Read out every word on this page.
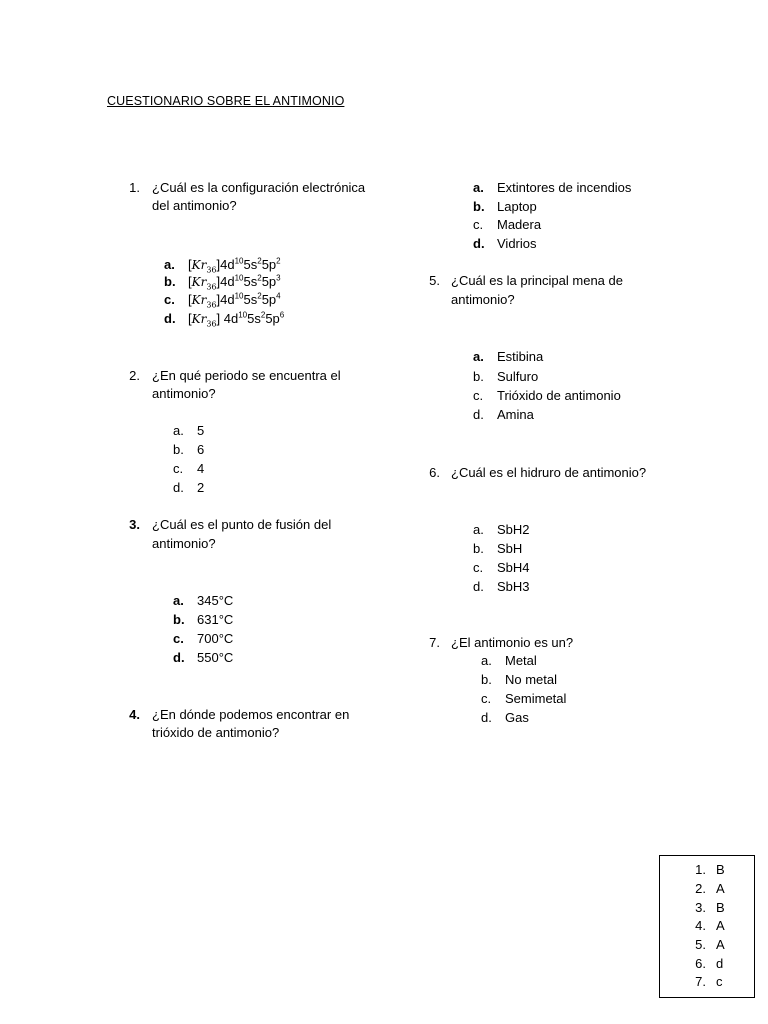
CUESTIONARIO SOBRE EL ANTIMONIO
1. ¿Cuál es la configuración electrónica
del antimonio?
a. $[Kr_{36}]4d^{10}5s^25p^2$
b. $[Kr_{36}]4d^{10}5s^25p^3$
c. $[Kr_{36}]4d^{10}5s^25p^4$
d. $[Kr_{36}]$ $4d^{10}5s^25p^6$
2. ¿En qué periodo se encuentra el
antimonio?
a. 5
b. 6
c. 4
d. 2
3. ¿Cuál es el punto de fusión del
antimonio?
a. 345°C
b. 631°C
c. 700°C
d. 550°C
4. ¿En dónde podemos encontrar en
trióxido de antimonio?
a. Extintores de incendios
b. Laptop
c. Madera
d. Vidrios
5. ¿Cuál es la principal mena de
antimonio?
a. Estibina
b. Sulfuro
c. Trióxido de antimonio
d. Amina
6. ¿Cuál es el hidruro de antimonio?
a. SbH2
b. SbH
c. SbH4
d. SbH3
7. ¿El antimonio es un?
a. Metal
b. No metal
c. Semimetal
d. Gas
1. B
2. A
3. B
4. A
5. A
6. d
7. c
